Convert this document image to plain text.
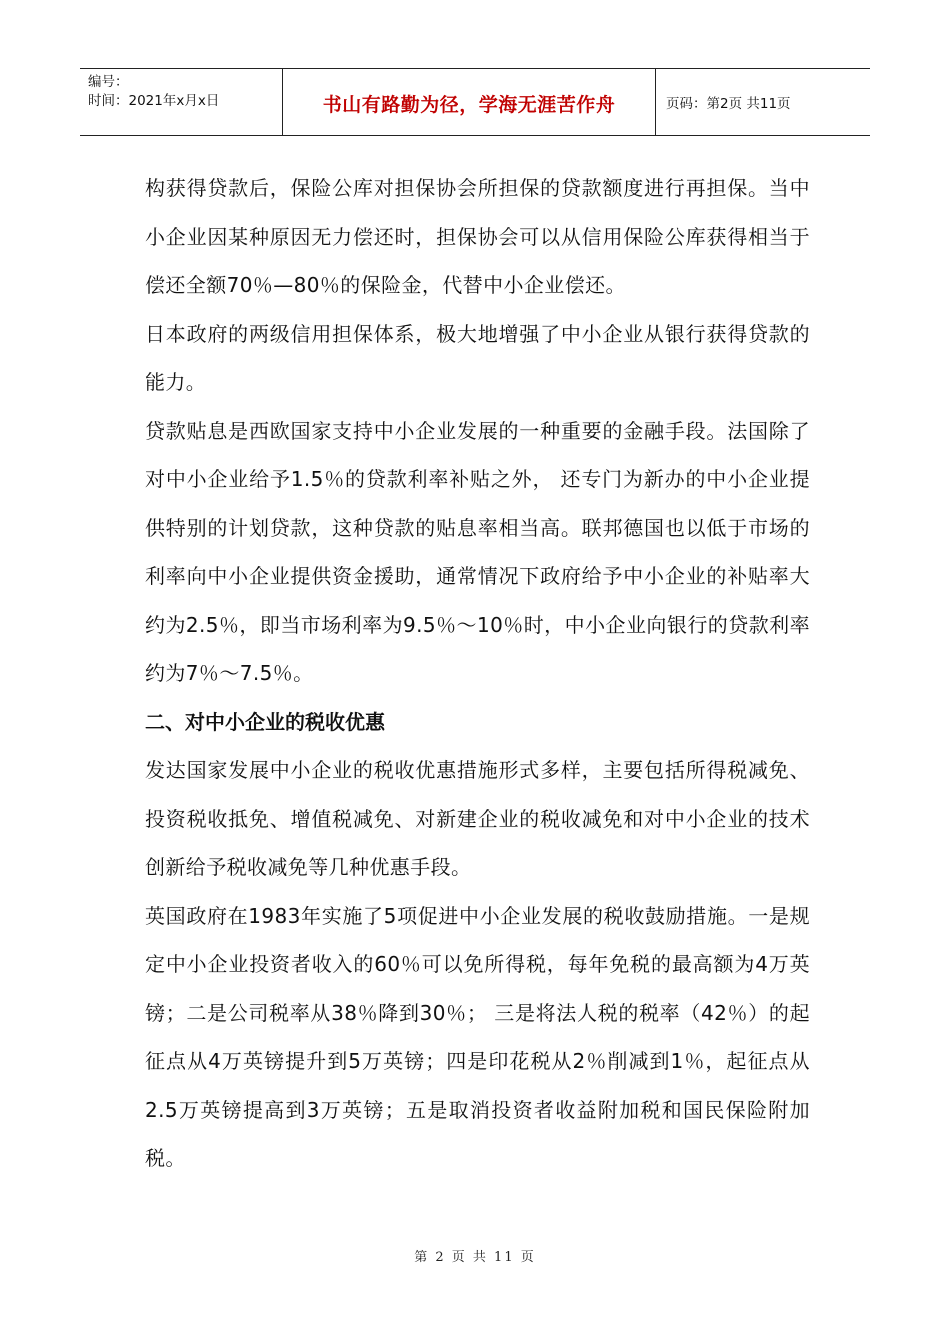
编号：
时间：2021年x月x日	书山有路勤为径，学海无涯苦作舟	页码：第2页 共11页

构获得贷款后，保险公库对担保协会所担保的贷款额度进行再担保。当中小企业因某种原因无力偿还时，担保协会可以从信用保险公库获得相当于偿还全额70％—80％的保险金，代替中小企业偿还。

日本政府的两级信用担保体系，极大地增强了中小企业从银行获得贷款的能力。

贷款贴息是西欧国家支持中小企业发展的一种重要的金融手段。法国除了对中小企业给予1.5％的贷款利率补贴之外， 还专门为新办的中小企业提供特别的计划贷款，这种贷款的贴息率相当高。联邦德国也以低于市场的利率向中小企业提供资金援助，通常情况下政府给予中小企业的补贴率大约为2.5％，即当市场利率为9.5％～10％时，中小企业向银行的贷款利率约为7％～7.5％。

二、对中小企业的税收优惠

发达国家发展中小企业的税收优惠措施形式多样，主要包括所得税减免、投资税收抵免、增值税减免、对新建企业的税收减免和对中小企业的技术创新给予税收减免等几种优惠手段。

英国政府在1983年实施了5项促进中小企业发展的税收鼓励措施。一是规定中小企业投资者收入的60％可以免所得税，每年免税的最高额为4万英镑；二是公司税率从38％降到30％； 三是将法人税的税率（42％）的起征点从4万英镑提升到5万英镑；四是印花税从2％削减到1％，起征点从2.5万英镑提高到3万英镑；五是取消投资者收益附加税和国民保险附加税。

第 2 页 共 11 页
